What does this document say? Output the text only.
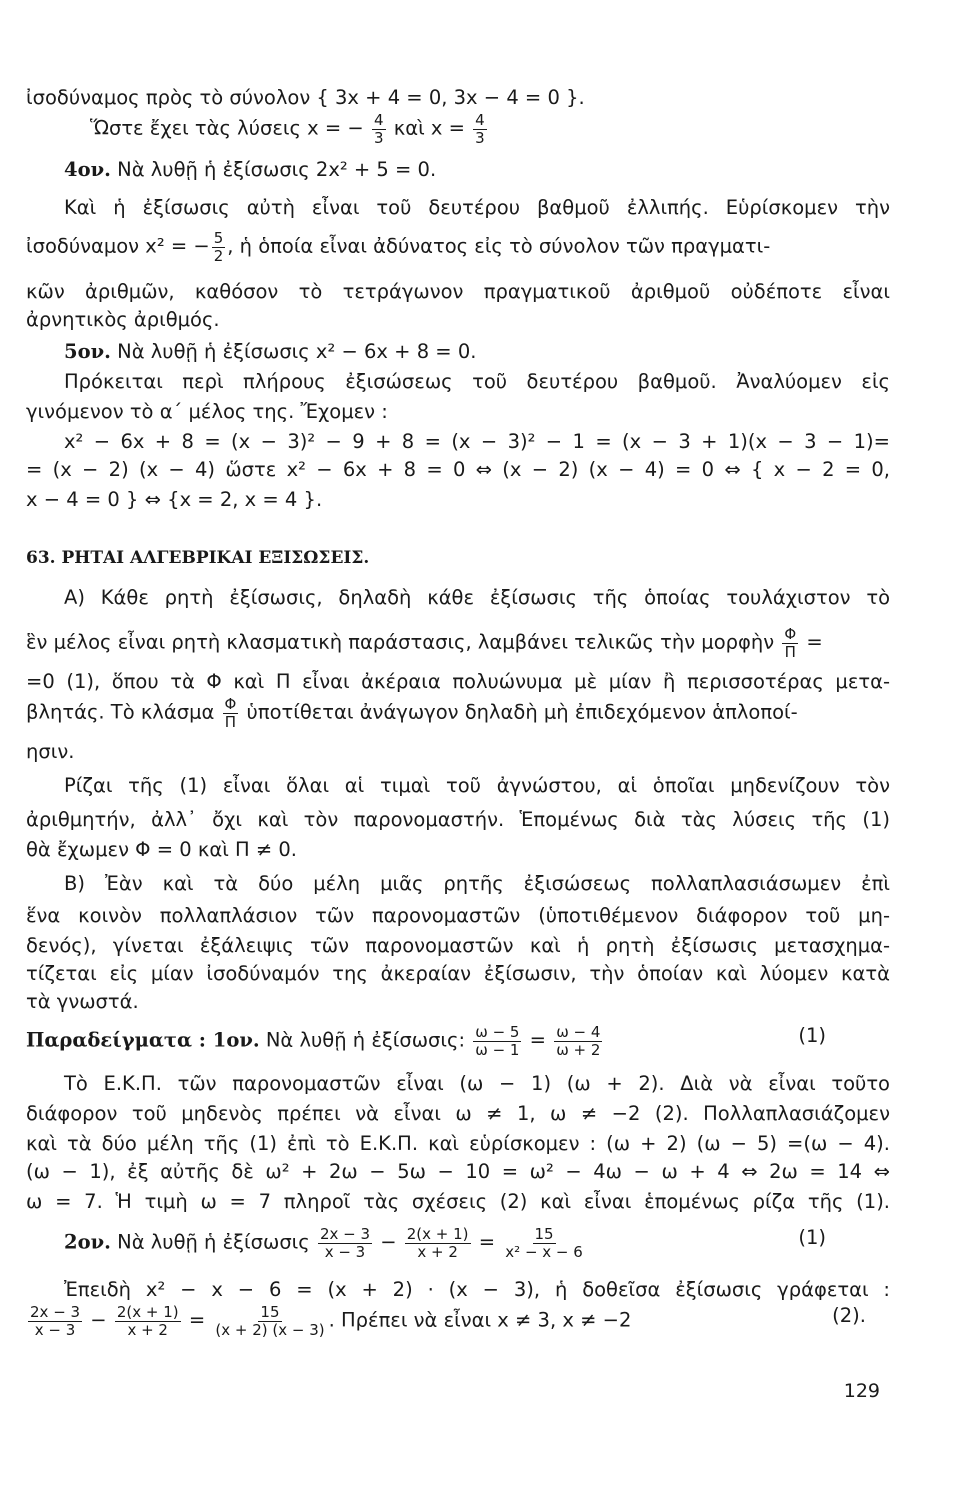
ἰσοδύναμος πρὸς τὸ σύνολον { 3x + 4 = 0, 3x − 4 = 0 }.
Ὥστε ἔχει τὰς λύσεις x = − $\frac{4}{3}$ καὶ $x = \frac{4}{3}$
4ον. Νὰ λυθῇ ἡ ἐξίσωσις 2x² + 5 = 0.
Καὶ ἡ ἐξίσωσις αὐτὴ εἶναι τοῦ δευτέρου βαθμοῦ ἐλλιπής. Εὑρίσκομεν τὴν
ἰσοδύναμον x² = − $\frac{5}{2}$ , ἡ ὁποία εἶναι ἀδύνατος εἰς τὸ σύνολον τῶν πραγματι-
κῶν ἀριθμῶν, καθόσον τὸ τετράγωνον πραγματικοῦ ἀριθμοῦ οὐδέποτε εἶναι
ἀρνητικὸς ἀριθμός.
5ον. Νὰ λυθῇ ἡ ἐξίσωσις x² − 6x + 8 = 0.
Πρόκειται περὶ πλήρους ἐξισώσεως τοῦ δευτέρου βαθμοῦ. Ἀναλύομεν εἰς
γινόμενον τὸ α΄ μέλος της. Ἔχομεν :
x² − 6x + 8 = (x − 3)² − 9 + 8 = (x − 3)² − 1 = (x − 3 + 1)(x − 3 − 1)=
= (x − 2) (x − 4) ὥστε x² − 6x + 8 = 0 ⇔ (x − 2) (x − 4) = 0 ⇔ { x − 2 = 0,
x − 4 = 0 } ⇔ {x = 2, x = 4 }.
63. ΡΗΤΑΙ ΑΛΓΕΒΡΙΚΑΙ ΕΞΙΣΩΣΕΙΣ.
Α) Κάθε ρητὴ ἐξίσωσις, δηλαδὴ κάθε ἐξίσωσις τῆς ὁποίας τουλάχιστον τὸ
ἓν μέλος εἶναι ρητὴ κλασματικὴ παράστασις, λαμβάνει τελικῶς τὴν μορφὴν $\frac{\Phi}{\Pi}$ =
=0 (1), ὅπου τὰ Φ καὶ Π εἶναι ἀκέραια πολυώνυμα μὲ μίαν ἢ περισσοτέρας μετα-
βλητάς. Τὸ κλάσμα $\frac{\Phi}{\Pi}$ ὑποτίθεται ἀνάγωγον δηλαδὴ μὴ ἐπιδεχόμενον ἁπλοποί-
ησιν.
Ρίζαι τῆς (1) εἶναι ὅλαι αἱ τιμαὶ τοῦ ἀγνώστου, αἱ ὁποῖαι μηδενίζουν τὸν
ἀριθμητήν, ἀλλ᾽ ὄχι καὶ τὸν παρονομαστήν. Ἑπομένως διὰ τὰς λύσεις τῆς (1)
θὰ ἔχωμεν Φ = 0 καὶ Π ≠ 0.
Β) Ἐὰν καὶ τὰ δύο μέλη μιᾶς ρητῆς ἐξισώσεως πολλαπλασιάσωμεν ἐπὶ
ἕνα κοινὸν πολλαπλάσιον τῶν παρονομαστῶν (ὑποτιθέμενον διάφορον τοῦ μη-
δενός), γίνεται ἐξάλειψις τῶν παρονομαστῶν καὶ ἡ ρητὴ ἐξίσωσις μετασχημα-
τίζεται εἰς μίαν ἰσοδύναμόν της ἀκεραίαν ἐξίσωσιν, τὴν ὁποίαν καὶ λύομεν κατὰ
τὰ γνωστά.
Παραδείγματα : 1ον. Νὰ λυθῇ ἡ ἐξίσωσις: $\frac{\omega - 5}{\omega - 1} = \frac{\omega - 4}{\omega + 2}$	(1)
Τὸ Ε.Κ.Π. τῶν παρονομαστῶν εἶναι (ω − 1) (ω + 2). Διὰ νὰ εἶναι τοῦτο
διάφορον τοῦ μηδενὸς πρέπει νὰ εἶναι ω ≠ 1, ω ≠ −2 (2). Πολλαπλασιάζομεν
καὶ τὰ δύο μέλη τῆς (1) ἐπὶ τὸ Ε.Κ.Π. καὶ εὑρίσκομεν : (ω + 2) (ω − 5) =(ω − 4).
(ω − 1), ἐξ αὐτῆς δὲ ω² + 2ω − 5ω − 10 = ω² − 4ω − ω + 4 ⇔ 2ω = 14 ⇔
ω = 7. Ἡ τιμὴ ω = 7 πληροῖ τὰς σχέσεις (2) καὶ εἶναι ἑπομένως ρίζα τῆς (1).
2ον. Νὰ λυθῇ ἡ ἐξίσωσις $\frac{2x - 3}{x - 3} - \frac{2(x + 1)}{x + 2} = \frac{15}{\text{x² − x − 6}}$	(1)
Ἐπειδὴ x² − x − 6 = (x + 2) · (x − 3), ἡ δοθεῖσα ἐξίσωσις γράφεται :
$\frac{2x - 3}{x - 3} - \frac{2(x + 1)}{x + 2} = \frac{15}{(x + 2) (x - 3)}$ . Πρέπει νὰ εἶναι x ≠ 3, x ≠ −2	(2).
129
